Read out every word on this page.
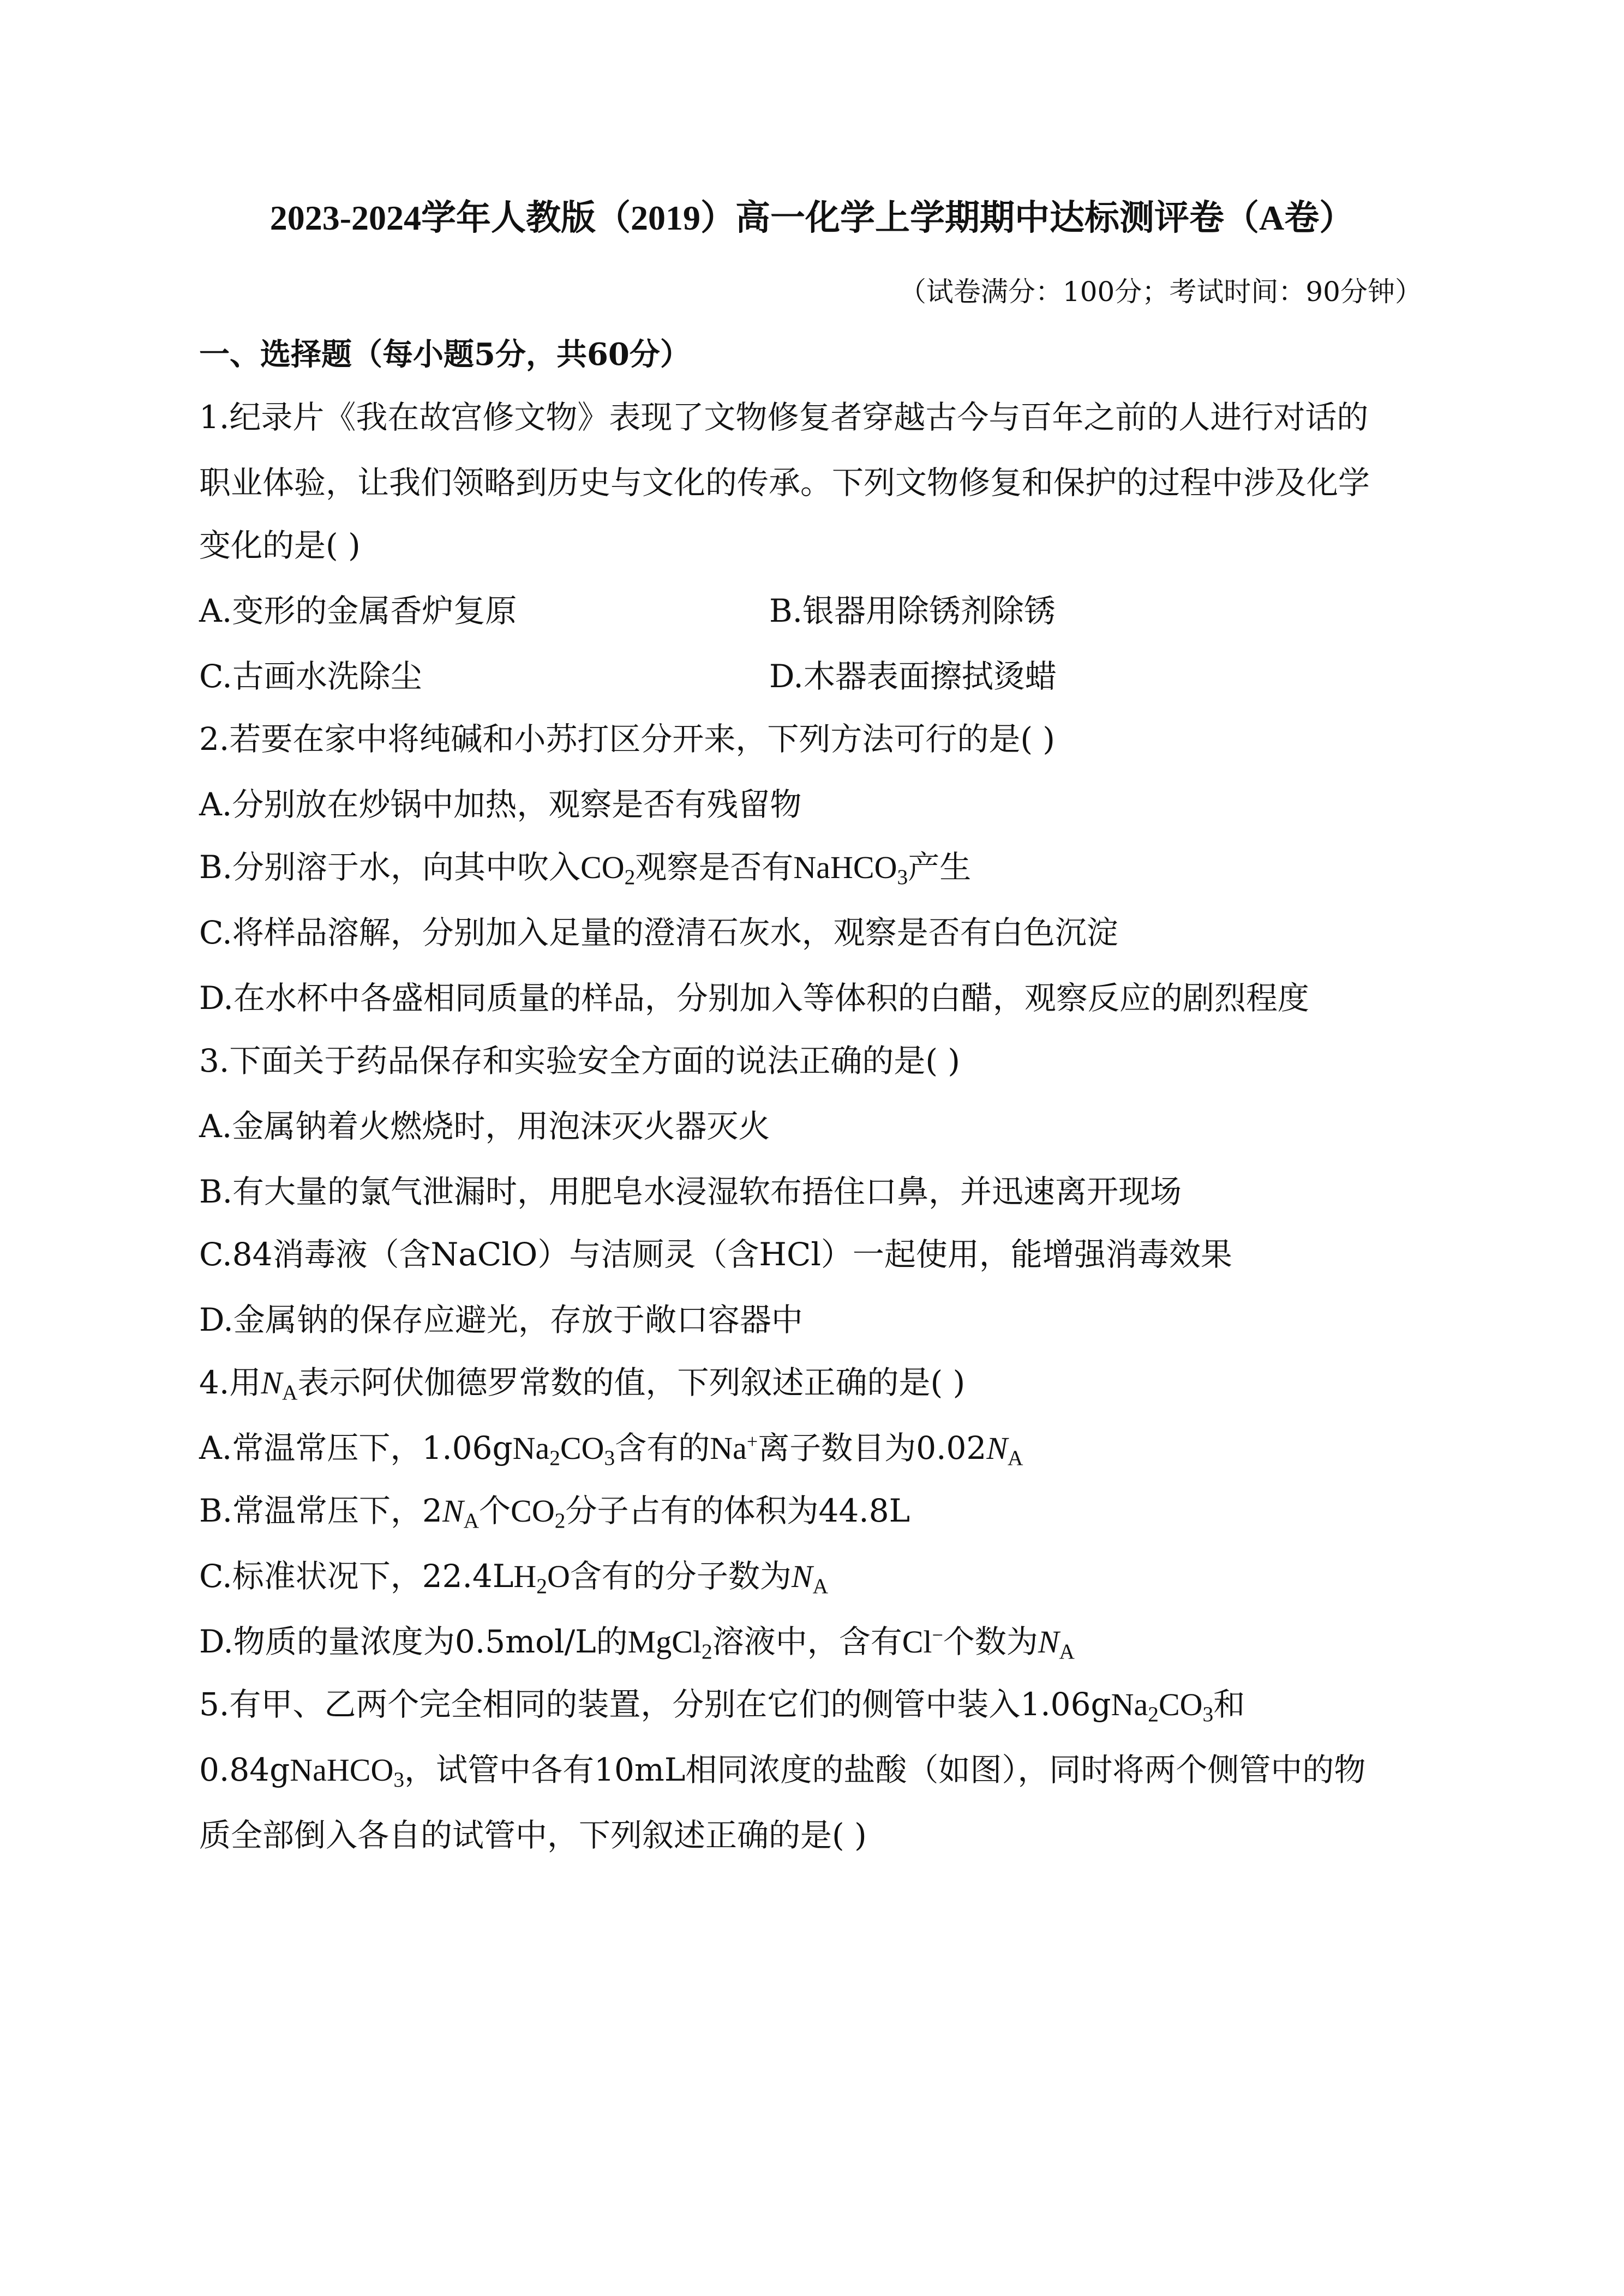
2023-2024学年人教版（2019）高一化学上学期期中达标测评卷（A卷）
（试卷满分：100分；考试时间：90分钟）
一、选择题（每小题5分，共60分）
1.纪录片《我在故宫修文物》表现了文物修复者穿越古今与百年之前的人进行对话的
职业体验，让我们领略到历史与文化的传承。下列文物修复和保护的过程中涉及化学
变化的是( )
A.变形的金属香炉复原	B.银器用除锈剂除锈
C.古画水洗除尘	D.木器表面擦拭烫蜡
2.若要在家中将纯碱和小苏打区分开来，下列方法可行的是( )
A.分别放在炒锅中加热，观察是否有残留物
B.分别溶于水，向其中吹入$CO_2$观察是否有NaHCO$_3$产生
C.将样品溶解，分别加入足量的澄清石灰水，观察是否有白色沉淀
D.在水杯中各盛相同质量的样品，分别加入等体积的白醋，观察反应的剧烈程度
3.下面关于药品保存和实验安全方面的说法正确的是( )
A.金属钠着火燃烧时，用泡沫灭火器灭火
B.有大量的氯气泄漏时，用肥皂水浸湿软布捂住口鼻，并迅速离开现场
C.84消毒液（含NaClO）与洁厕灵（含HCl）一起使用，能增强消毒效果
D.金属钠的保存应避光，存放于敞口容器中
4.用$N_A$表示阿伏伽德罗常数的值，下列叙述正确的是( )
A.常温常压下，$1.06gNa_2CO_3$含有的Na+离子数目为$0.02N_A$
B.常温常压下，$2N_A$个$CO_2$分子占有的体积为44.8L
C.标准状况下，$22.4LH_2O$含有的分子数为$N_A$
D.物质的量浓度为0.5mol/L的MgCl$_2$溶液中，含有Cl−个数为$N_A$
5.有甲、乙两个完全相同的装置，分别在它们的侧管中装入$1.06gNa_2CO_3$和
0.84gNaHCO$_3$，试管中各有10mL相同浓度的盐酸（如图），同时将两个侧管中的物
质全部倒入各自的试管中，下列叙述正确的是( )
